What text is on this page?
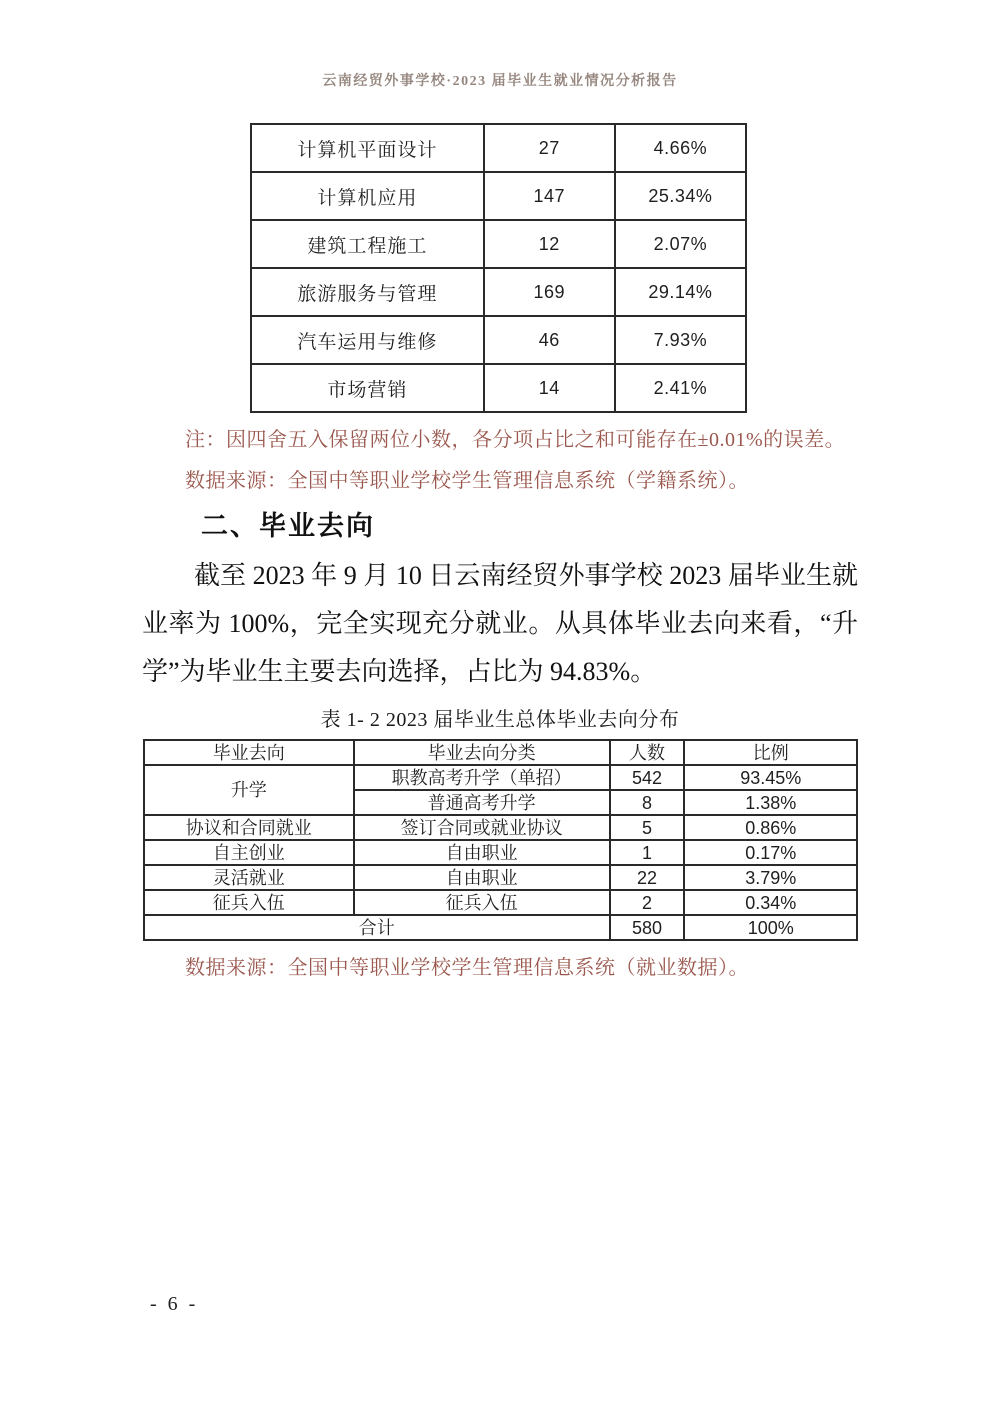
云南经贸外事学校·2023 届毕业生就业情况分析报告
计算机平面设计	27	4.66%
计算机应用	147	25.34%
建筑工程施工	12	2.07%
旅游服务与管理	169	29.14%
汽车运用与维修	46	7.93%
市场营销	14	2.41%
注：因四舍五入保留两位小数，各分项占比之和可能存在±0.01%的误差。
数据来源：全国中等职业学校学生管理信息系统（学籍系统）。
二、毕业去向
截至 2023 年 9 月 10 日云南经贸外事学校 2023 届毕业生就业率为 100%，完全实现充分就业。从具体毕业去向来看，“升学”为毕业生主要去向选择，占比为 94.83%。
表 1- 2 2023 届毕业生总体毕业去向分布
毕业去向	毕业去向分类	人数	比例
升学	职教高考升学（单招）	542	93.45%
	普通高考升学	8	1.38%
协议和合同就业	签订合同或就业协议	5	0.86%
自主创业	自由职业	1	0.17%
灵活就业	自由职业	22	3.79%
征兵入伍	征兵入伍	2	0.34%
合计		580	100%
数据来源：全国中等职业学校学生管理信息系统（就业数据）。
- 6 -
